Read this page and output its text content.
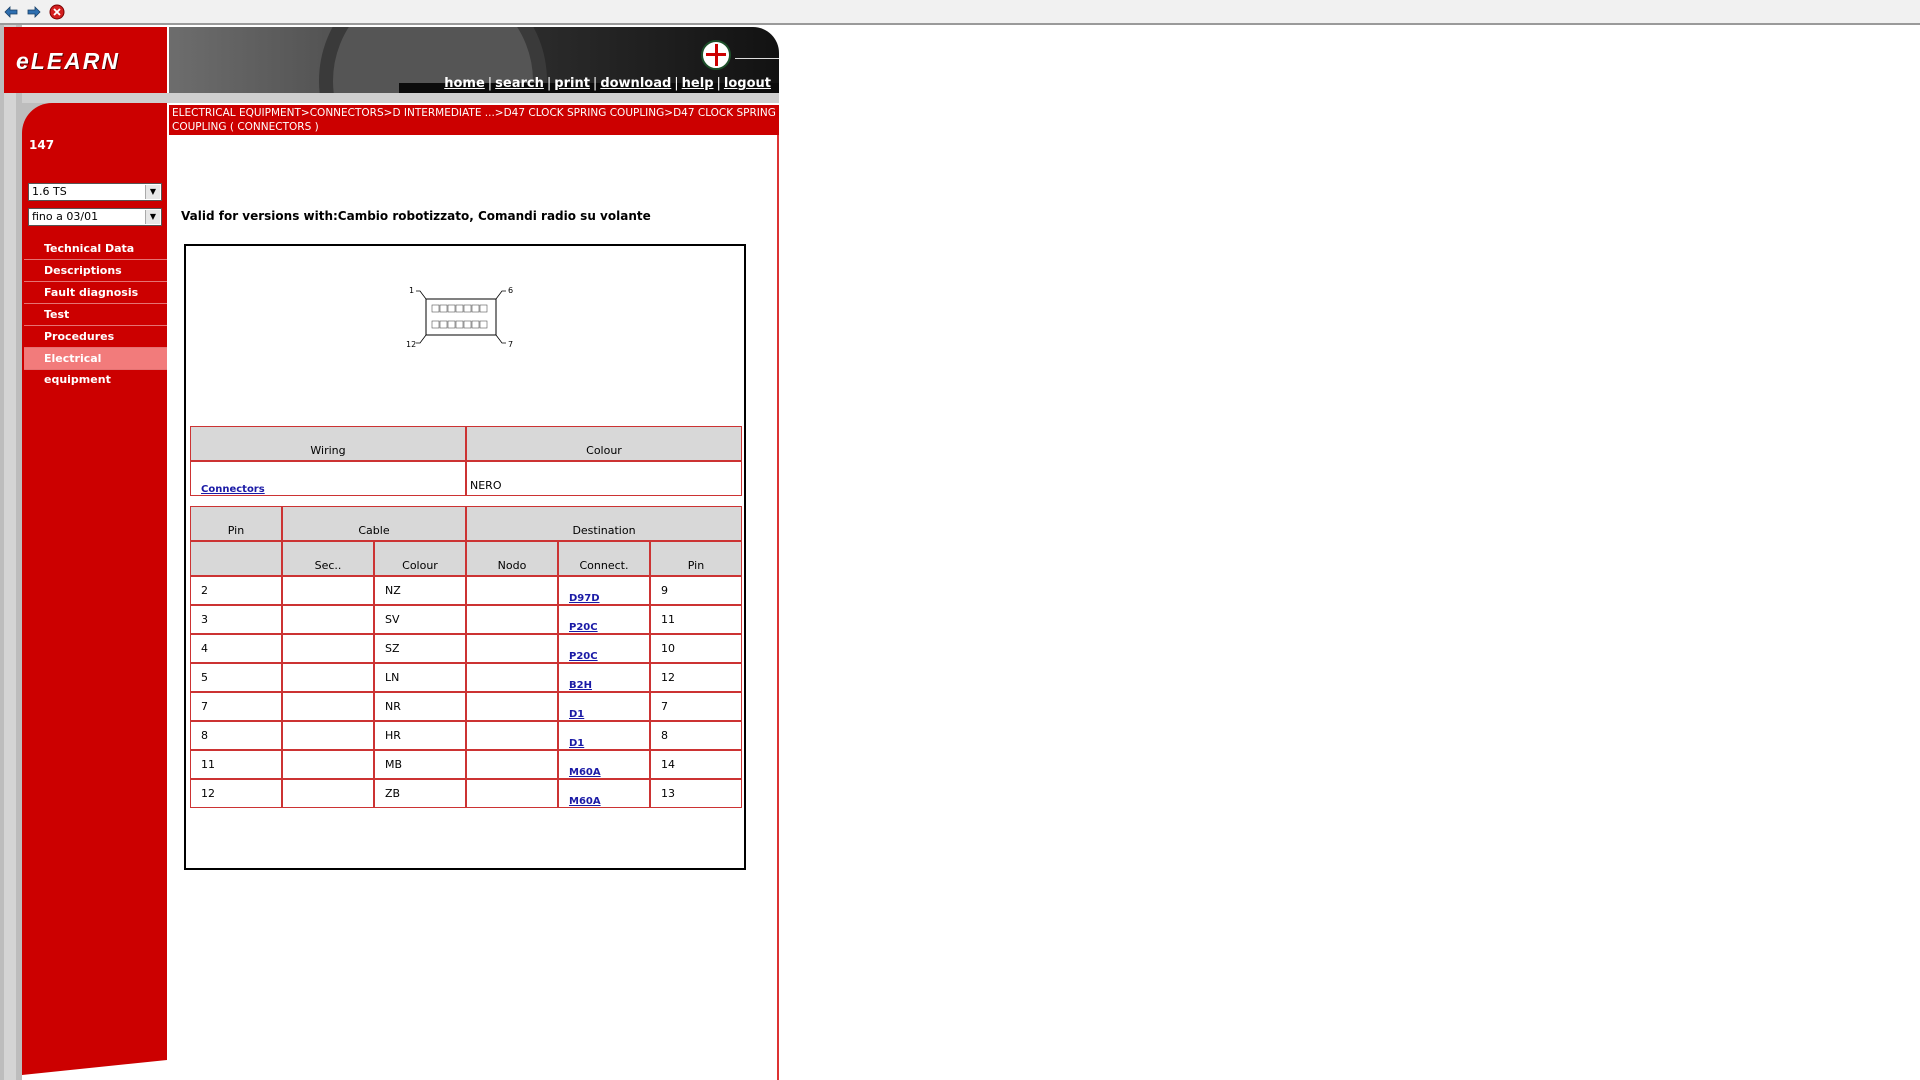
eLEARN
home | search | print | download | help | logout
147
1.6 TS	▼
fino a 03/01	▼
Technical Data
Descriptions
Fault diagnosis
Test
Procedures
Electrical equipment
ELECTRICAL EQUIPMENT>CONNECTORS>D INTERMEDIATE ...>D47 CLOCK SPRING COUPLING>D47 CLOCK SPRING COUPLING ( CONNECTORS )
Valid for versions with:Cambio robotizzato, Comandi radio su volante
1	6
12	7
Wiring	Colour
Connectors	NERO
Pin	Cable		Destination		
	Sec..	Colour	Nodo	Connect.	Pin
2		NZ		D97D	9
3		SV		P20C	11
4		SZ		P20C	10
5		LN		B2H	12
7		NR		D1	7
8		HR		D1	8
11		MB		M60A	14
12		ZB		M60A	13
